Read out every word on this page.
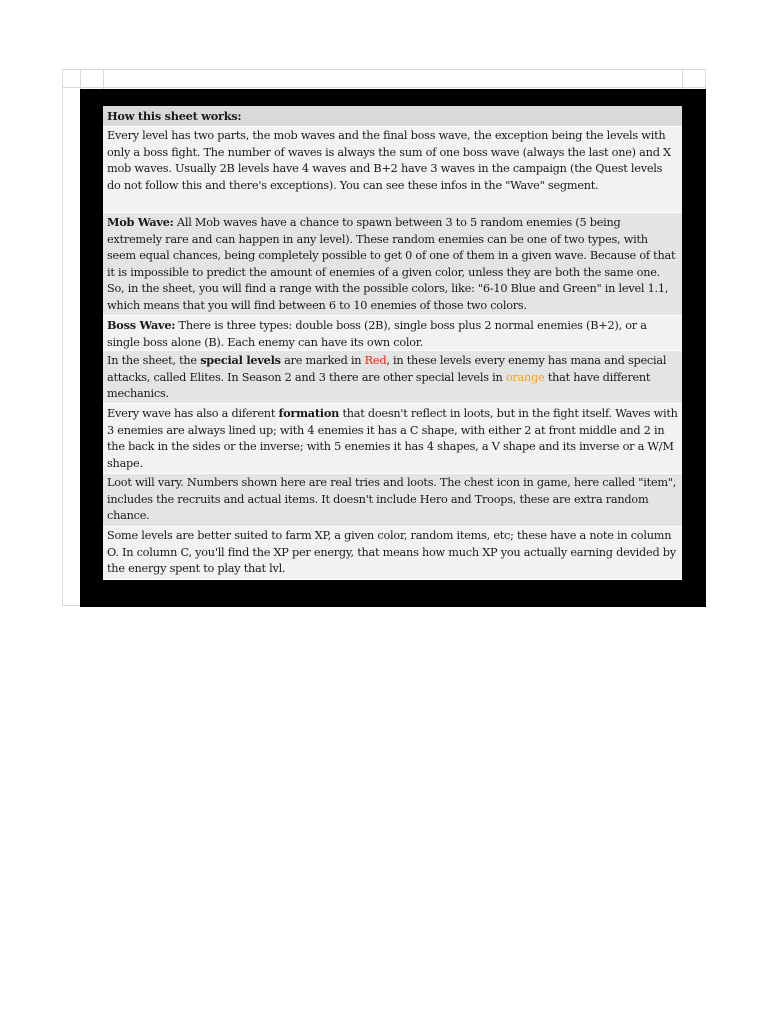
How this sheet works:
Every level has two parts, the mob waves and the final boss wave, the exception being the levels with only a boss fight. The number of waves is always the sum of one boss wave (always the last one) and X mob waves. Usually 2B levels have 4 waves and B+2 have 3 waves in the campaign (the Quest levels do not follow this and there's exceptions). You can see these infos in the "Wave" segment.
Mob Wave: All Mob waves have a chance to spawn between 3 to 5 random enemies (5 being extremely rare and can happen in any level). These random enemies can be one of two types, with seem equal chances, being completely possible to get 0 of one of them in a given wave. Because of that it is impossible to predict the amount of enemies of a given color, unless they are both the same one. So, in the sheet, you will find a range with the possible colors, like: "6-10 Blue and Green" in level 1.1, which means that you will find between 6 to 10 enemies of those two colors.
Boss Wave: There is three types: double boss (2B), single boss plus 2 normal enemies (B+2), or a single boss alone (B). Each enemy can have its own color.
In the sheet, the special levels are marked in Red, in these levels every enemy has mana and special attacks, called Elites. In Season 2 and 3 there are other special levels in orange that have different mechanics.
Every wave has also a diferent formation that doesn't reflect in loots, but in the fight itself. Waves with 3 enemies are always lined up; with 4 enemies it has a C shape, with either 2 at front middle and 2 in the back in the sides or the inverse; with 5 enemies it has 4 shapes, a V shape and its inverse or a W/M shape.
Loot will vary. Numbers shown here are real tries and loots. The chest icon in game, here called "item", includes the recruits and actual items. It doesn't include Hero and Troops, these are extra random chance.
Some levels are better suited to farm XP, a given color, random items, etc; these have a note in column O. In column C, you'll find the XP per energy, that means how much XP you actually earning devided by the energy spent to play that lvl.
